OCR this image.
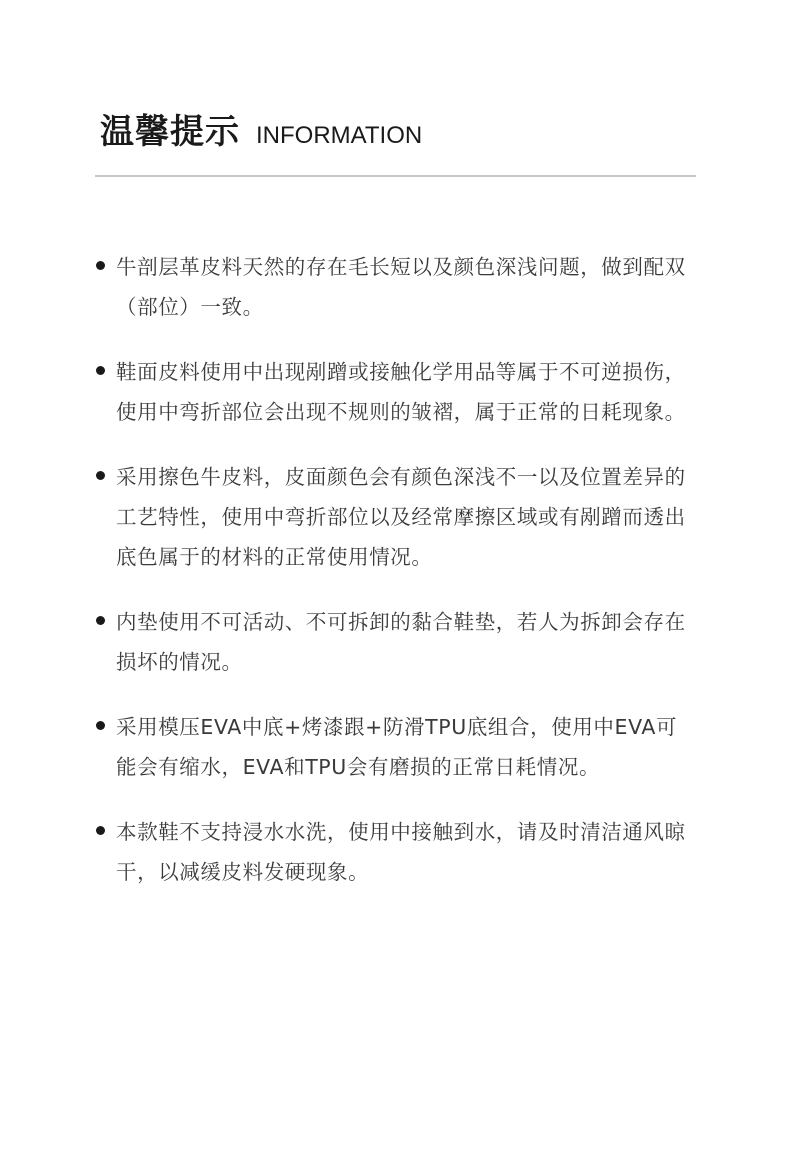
温馨提示 INFORMATION
牛剖层革皮料天然的存在毛长短以及颜色深浅问题，做到配双（部位）一致。
鞋面皮料使用中出现剐蹭或接触化学用品等属于不可逆损伤，使用中弯折部位会出现不规则的皱褶，属于正常的日耗现象。
采用擦色牛皮料，皮面颜色会有颜色深浅不一以及位置差异的工艺特性，使用中弯折部位以及经常摩擦区域或有剐蹭而透出底色属于的材料的正常使用情况。
内垫使用不可活动、不可拆卸的黏合鞋垫，若人为拆卸会存在损坏的情况。
采用模压EVA中底+烤漆跟+防滑TPU底组合，使用中EVA可能会有缩水，EVA和TPU会有磨损的正常日耗情况。
本款鞋不支持浸水水洗，使用中接触到水，请及时清洁通风晾干，以减缓皮料发硬现象。
